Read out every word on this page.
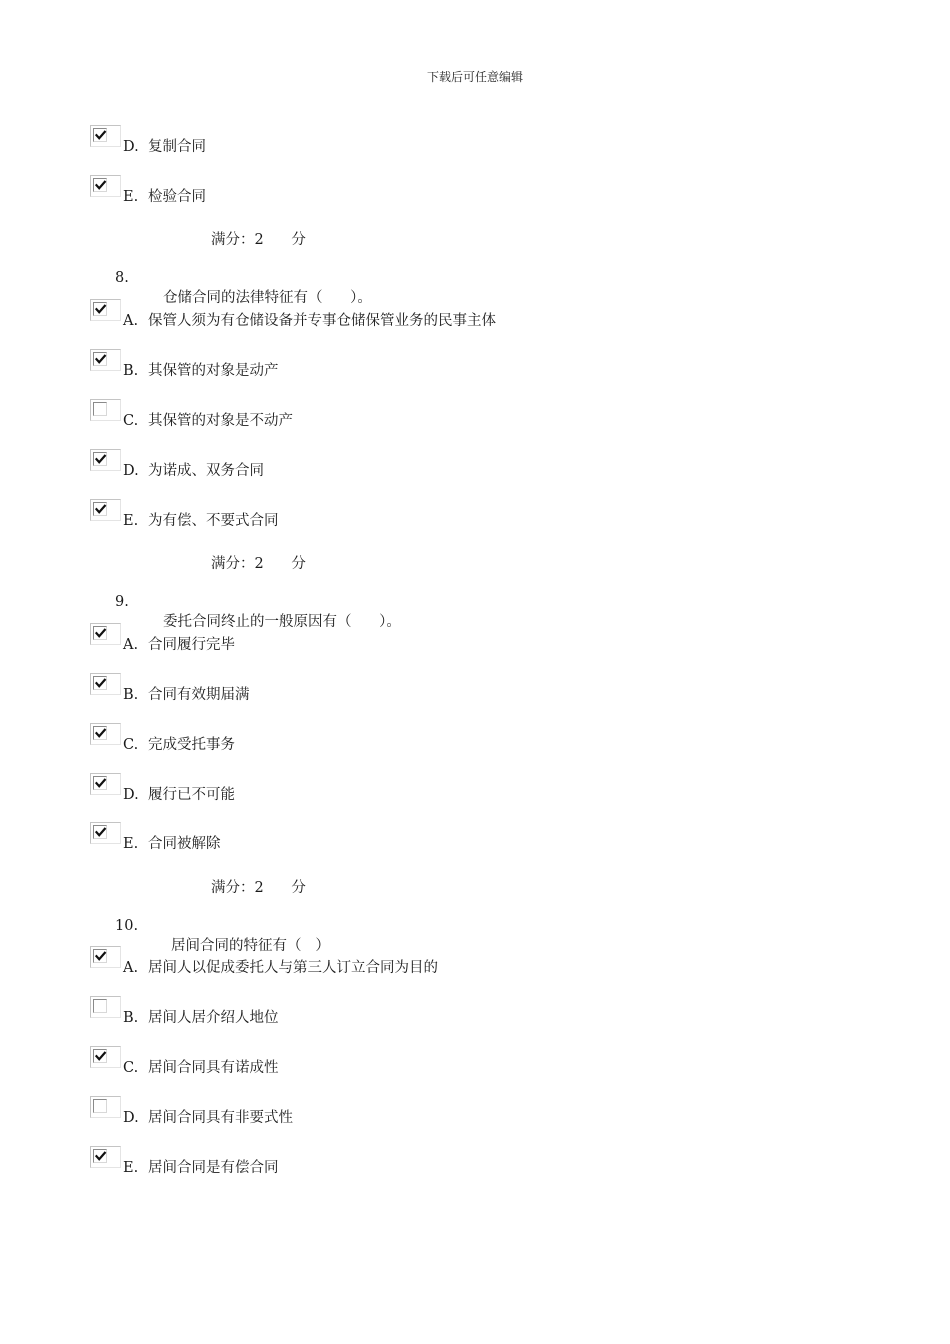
下载后可任意编辑
D. 复制合同
E. 检验合同
满分：2      分

8.

仓储合同的法律特征有（      ）。

A. 保管人须为有仓储设备并专事仓储保管业务的民事主体
B. 其保管的对象是动产
C. 其保管的对象是不动产
D. 为诺成、双务合同
E. 为有偿、不要式合同
满分：2      分

9.

委托合同终止的一般原因有（      ）。

A. 合同履行完毕
B. 合同有效期届满
C. 完成受托事务
D. 履行已不可能
E. 合同被解除
满分：2      分

10.

居间合同的特征有（   ）

A. 居间人以促成委托人与第三人订立合同为目的
B. 居间人居介绍人地位
C. 居间合同具有诺成性
D. 居间合同具有非要式性
E. 居间合同是有偿合同
